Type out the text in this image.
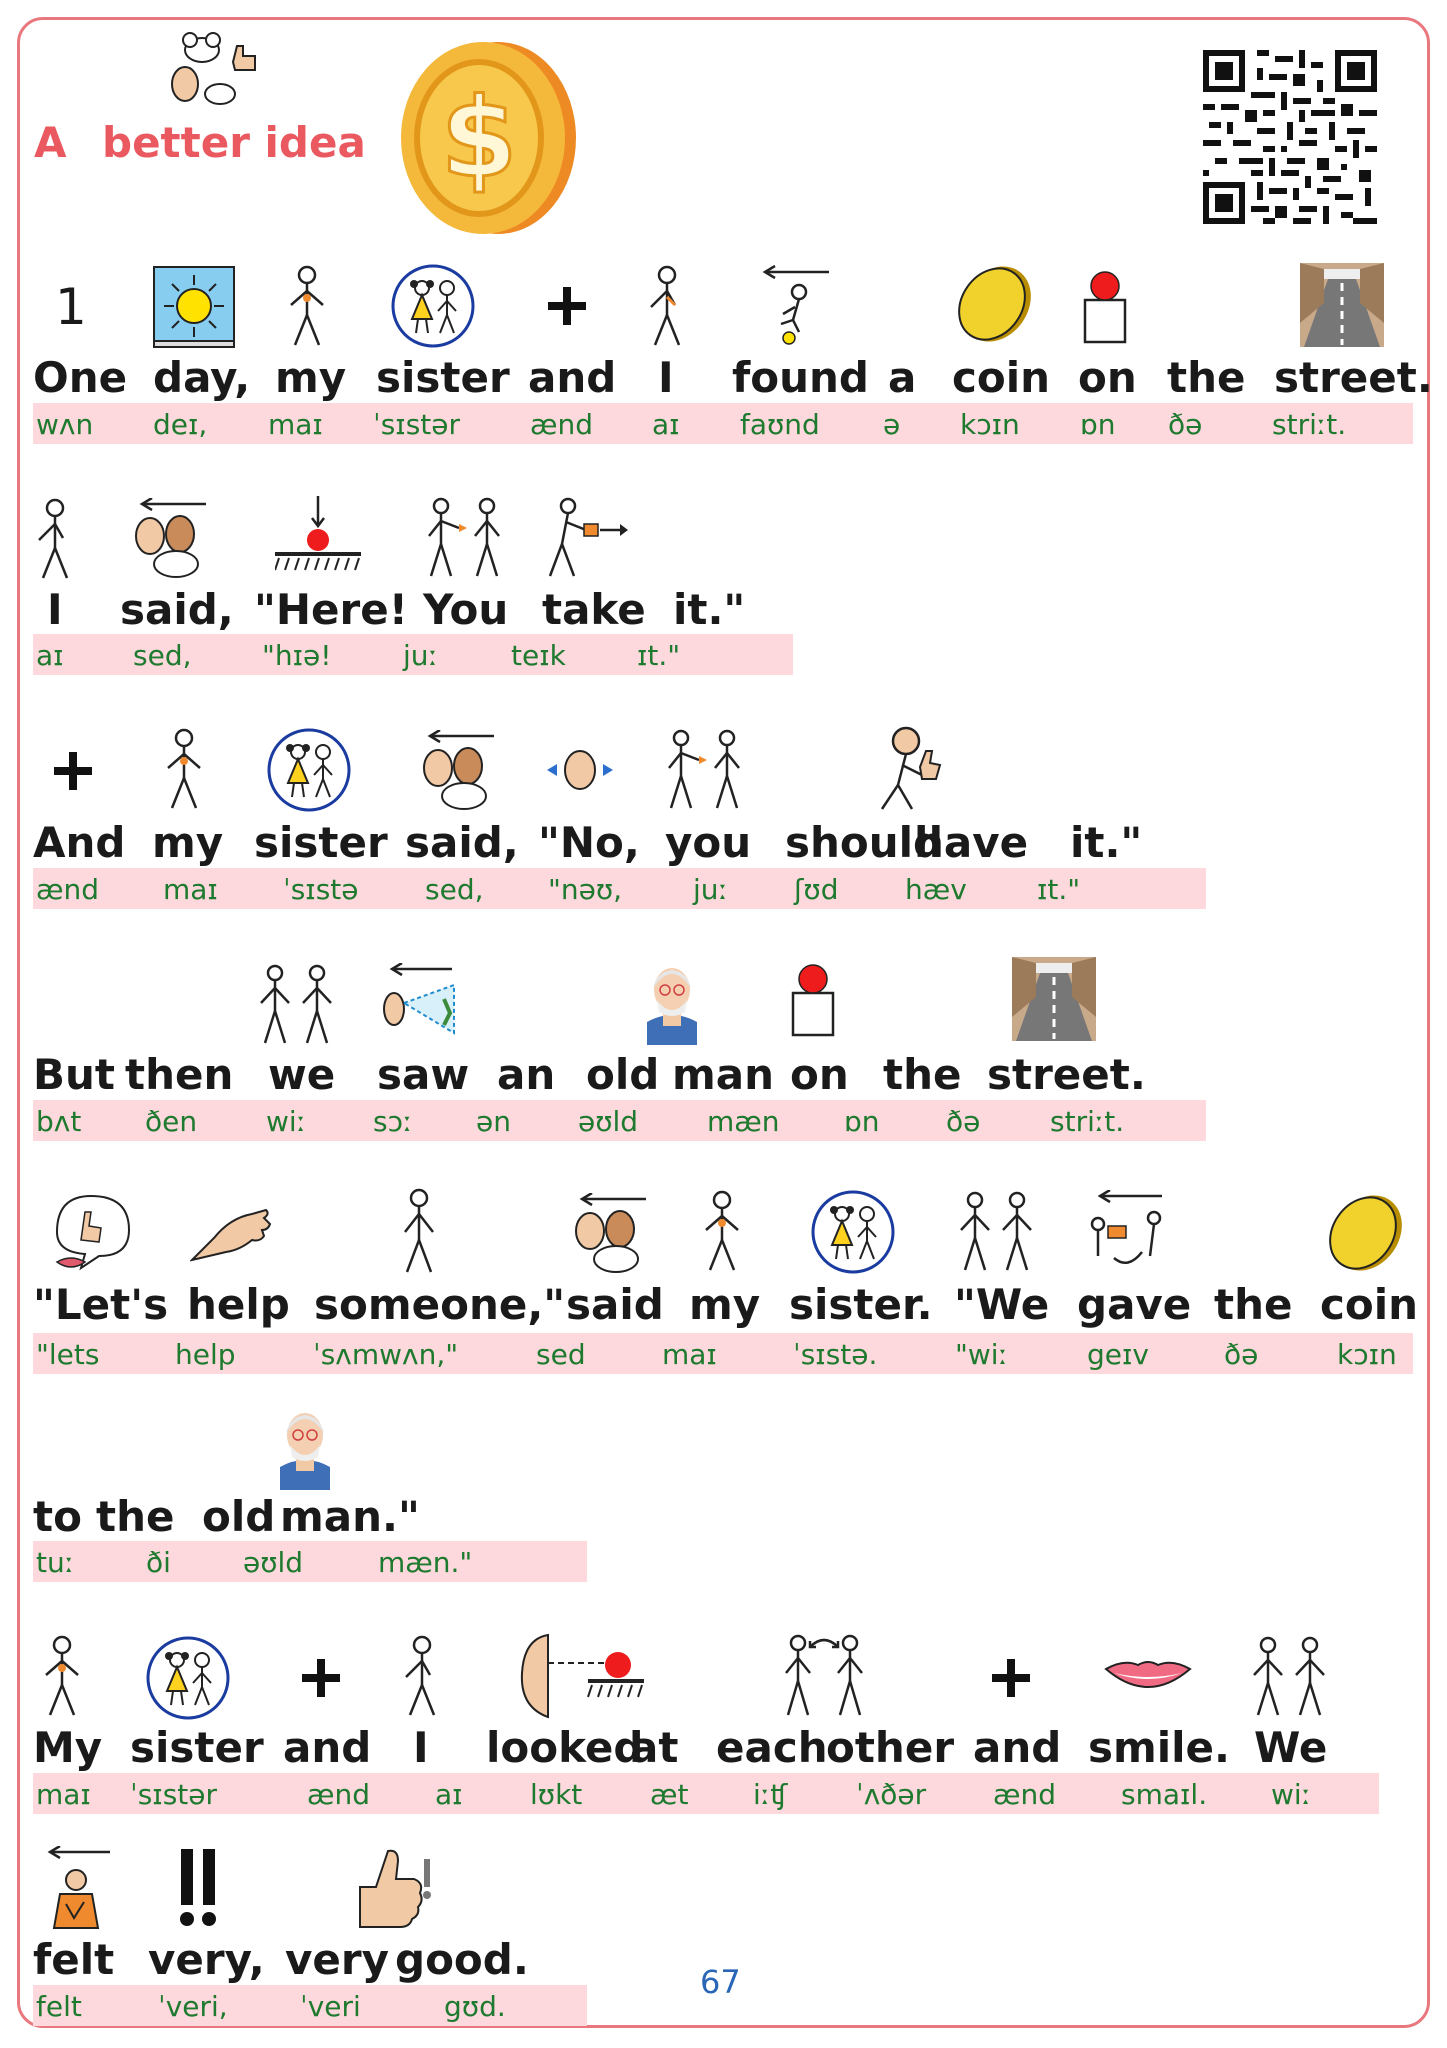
A better idea $
1
One day, my sister and I found a coin on the street.
wʌn deɪ, maɪ ˈsɪstər	ænd aɪ faʊnd ə kɔɪn ɒn ðə striːt.
I said, "Here! You take it."
aɪ sed,	"hɪə!	juː	teɪk	ɪt."
And my sister said, "No, you should
have it."
ænd maɪ ˈsɪstə sed, "nəʊ,	juː ʃʊd hæv	ɪt."
But then we saw an old man on the street.
bʌt ðen wiː sɔː ən əʊld mæn ɒn ðə striːt.
"Let's help someone," said my sister. "We gave the coin
"lets	help	ˈsʌmwʌn,"	sed	maɪ	ˈsɪstə.	"wiː	geɪv	ðə	kɔɪn
to the old man."
tuː	ði	əʊld	mæn."
My sister and I looked
at each
other and smile. We
maɪ ˈsɪstər	ænd aɪ lʊkt æt iːʧ ˈʌðər ænd smaɪl. wiː
felt very, very good.
felt	ˈveri,	ˈveri	gʊd.
67
